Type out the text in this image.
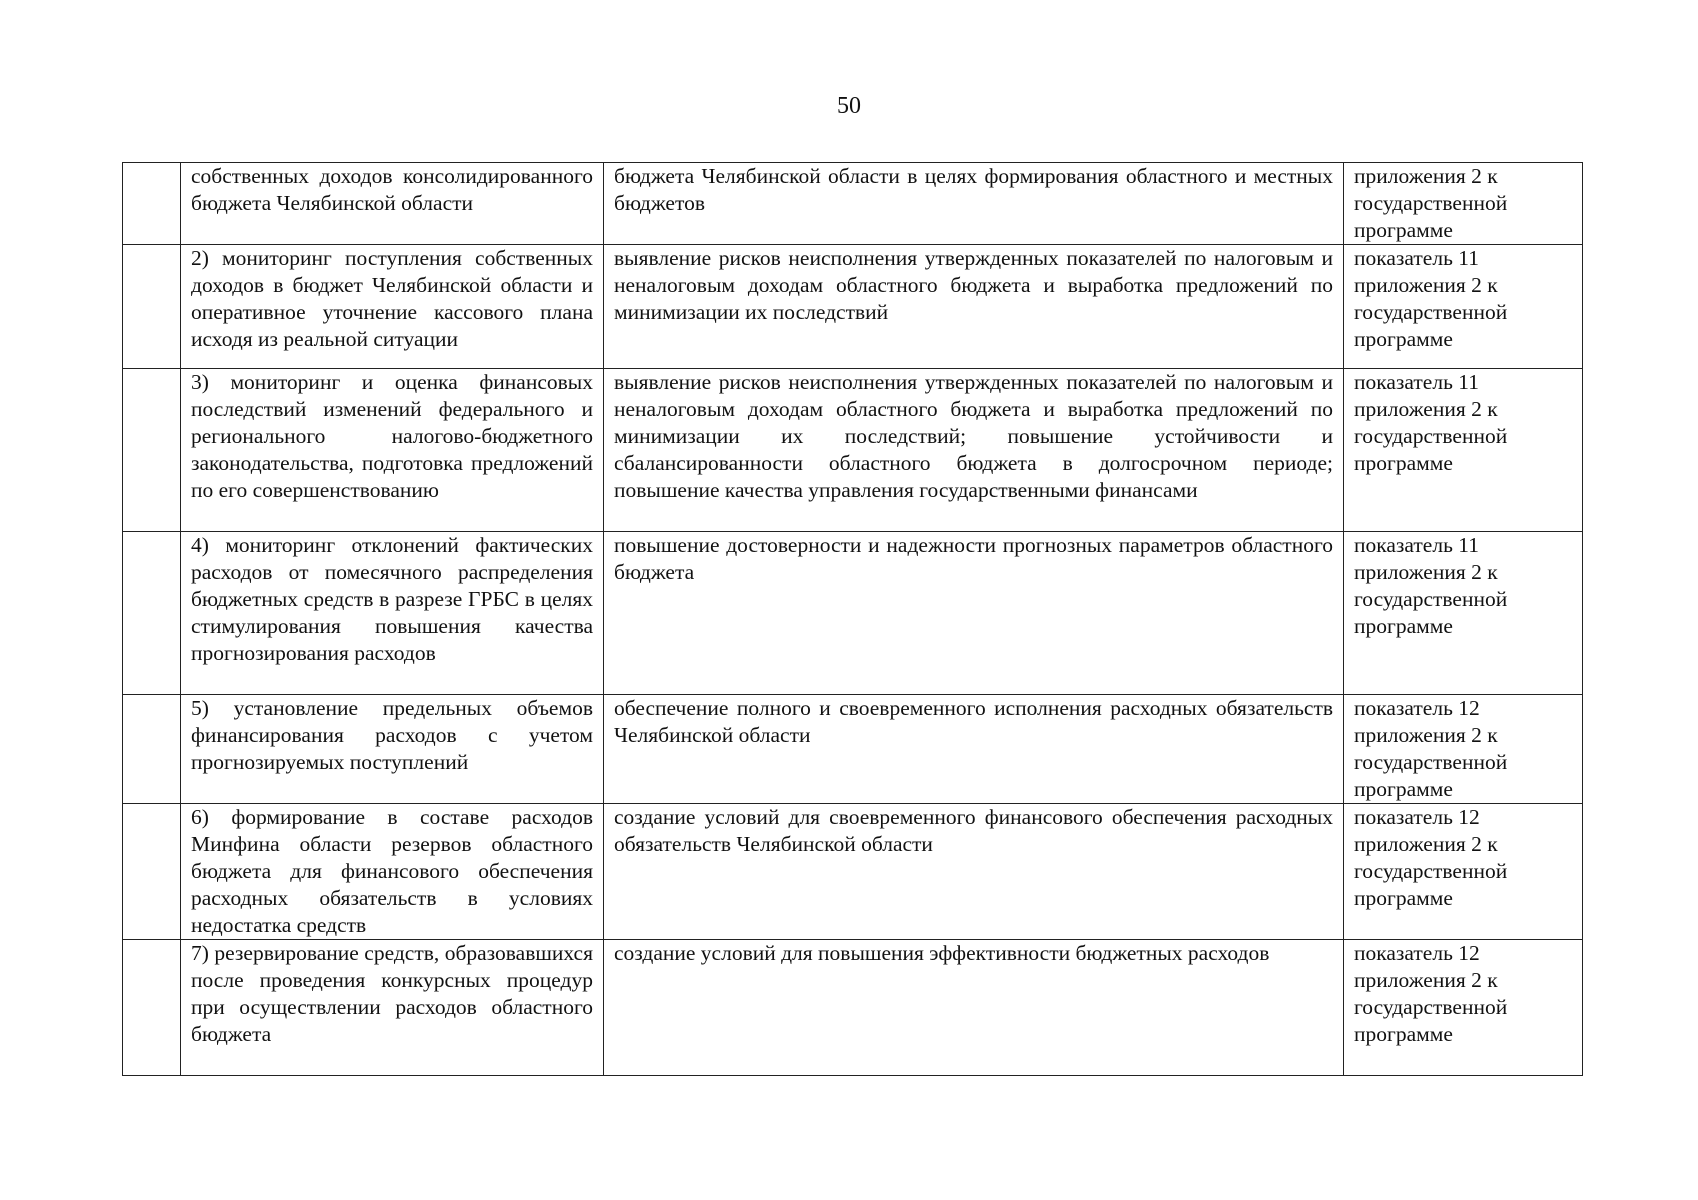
50
	собственных доходов консолидированного бюджета Челябинской области	бюджета Челябинской области в целях формирования областного и местных бюджетов	приложения 2 к государственной программе
	2) мониторинг поступления собственных доходов в бюджет Челябинской области и оперативное уточнение кассового плана исходя из реальной ситуации	выявление рисков неисполнения утвержденных показателей по налоговым и неналоговым доходам областного бюджета и выработка предложений по минимизации их последствий	показатель 11 приложения 2 к государственной программе
	3) мониторинг и оценка финансовых последствий изменений федерального и регионального налогово-бюджетного законодательства, подготовка предложений по его совершенствованию	выявление рисков неисполнения утвержденных показателей по налоговым и неналоговым доходам областного бюджета и выработка предложений по минимизации их последствий; повышение устойчивости и сбалансированности областного бюджета в долгосрочном периоде; повышение качества управления государственными финансами	показатель 11 приложения 2 к государственной программе
	4) мониторинг отклонений фактических расходов от помесячного распределения бюджетных средств в разрезе ГРБС в целях стимулирования повышения качества прогнозирования расходов	повышение достоверности и надежности прогнозных параметров областного бюджета	показатель 11 приложения 2 к государственной программе
	5) установление предельных объемов финансирования расходов с учетом прогнозируемых поступлений	обеспечение полного и своевременного исполнения расходных обязательств Челябинской области	показатель 12 приложения 2 к государственной программе
	6) формирование в составе расходов Минфина области резервов областного бюджета для финансового обеспечения расходных обязательств в условиях недостатка средств	создание условий для своевременного финансового обеспечения расходных обязательств Челябинской области	показатель 12 приложения 2 к государственной программе
	7) резервирование средств, образовавшихся после проведения конкурсных процедур при осуществлении расходов областного бюджета	создание условий для повышения эффективности бюджетных расходов	показатель 12 приложения 2 к государственной программе
